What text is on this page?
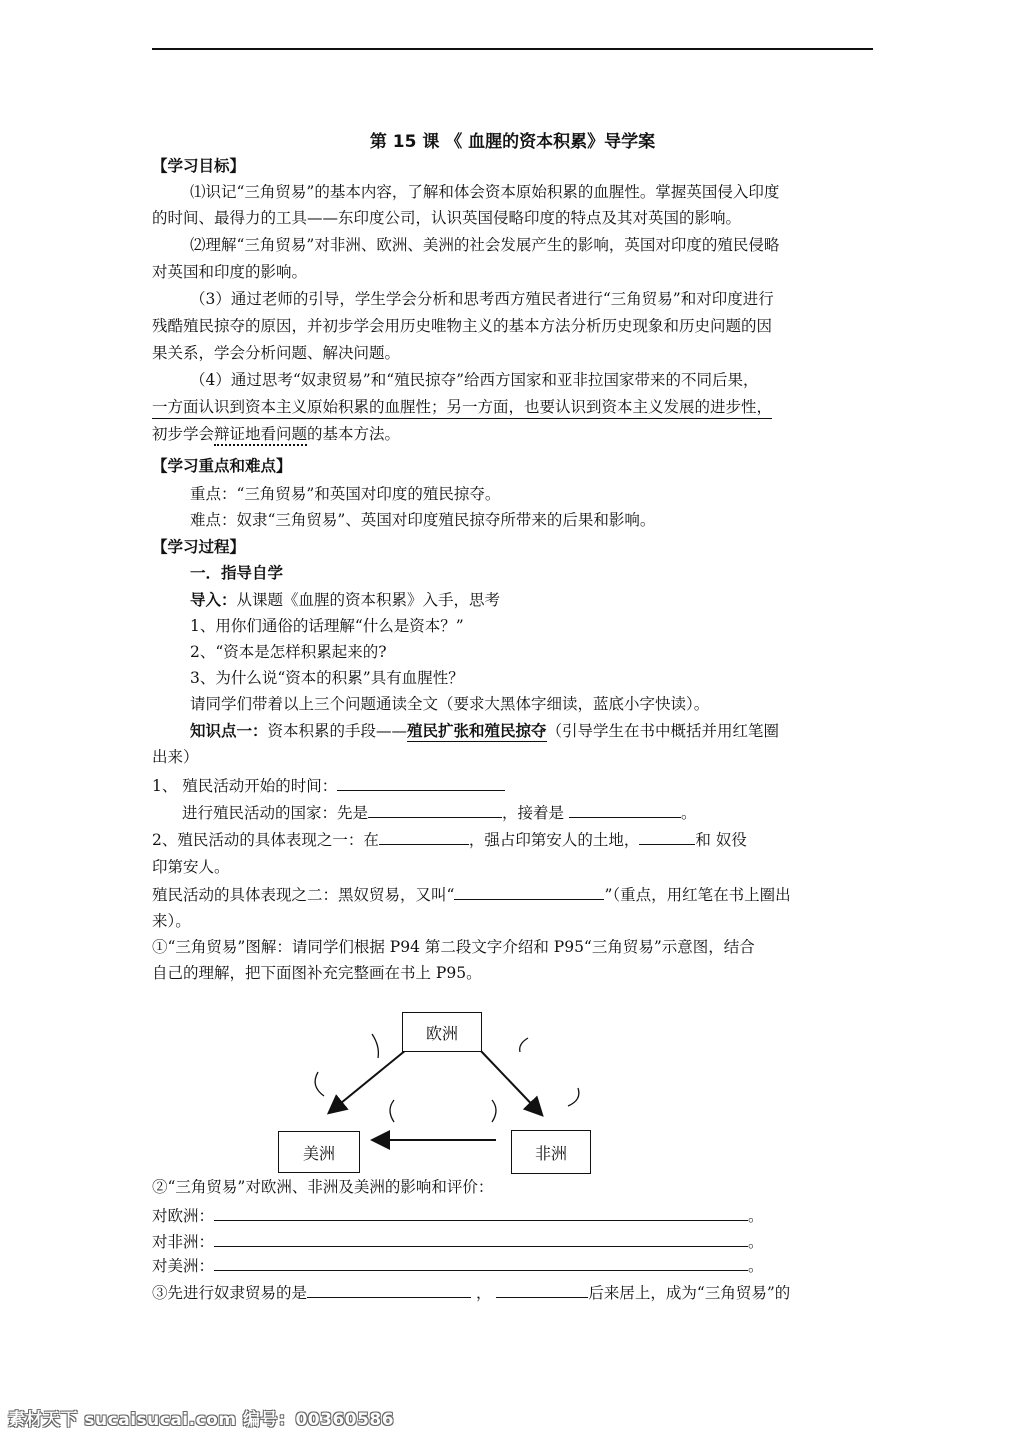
第 15 课 《 血腥的资本积累》导学案
【学习目标】
⑴识记“三角贸易”的基本内容，了解和体会资本原始积累的血腥性。掌握英国侵入印度
的时间、最得力的工具——东印度公司，认识英国侵略印度的特点及其对英国的影响。
⑵理解“三角贸易”对非洲、欧洲、美洲的社会发展产生的影响，英国对印度的殖民侵略
对英国和印度的影响。
（3）通过老师的引导，学生学会分析和思考西方殖民者进行“三角贸易”和对印度进行
残酷殖民掠夺的原因，并初步学会用历史唯物主义的基本方法分析历史现象和历史问题的因
果关系，学会分析问题、解决问题。
（4）通过思考“奴隶贸易”和“殖民掠夺”给西方国家和亚非拉国家带来的不同后果，
一方面认识到资本主义原始积累的血腥性；另一方面，也要认识到资本主义发展的进步性，
初步学会辩证地看问题的基本方法。
【学习重点和难点】
重点：“三角贸易”和英国对印度的殖民掠夺。
难点：奴隶“三角贸易”、英国对印度殖民掠夺所带来的后果和影响。
【学习过程】
一．指导自学
导入：从课题《血腥的资本积累》入手，思考
1、用你们通俗的话理解“什么是资本？”
2、“资本是怎样积累起来的?
3、为什么说“资本的积累”具有血腥性？
请同学们带着以上三个问题通读全文（要求大黑体字细读，蓝底小字快读）。
知识点一：资本积累的手段——殖民扩张和殖民掠夺（引导学生在书中概括并用红笔圈
出来）
1、 殖民活动开始的时间：
进行殖民活动的国家：先是	，接着是	。
2、殖民活动的具体表现之一：在	，强占印第安人的土地，	和 奴役
印第安人。
殖民活动的具体表现之二：黑奴贸易，又叫“	”（重点，用红笔在书上圈出
来）。
①“三角贸易”图解：请同学们根据 P94 第二段文字介绍和 P95“三角贸易”示意图，结合
自己的理解，把下面图补充完整画在书上 P95。
欧洲
美洲	非洲
②“三角贸易”对欧洲、非洲及美洲的影响和评价：
对欧洲：	。
对非洲：	。
对美洲：	。
③先进行奴隶贸易的是	，	后来居上，成为“三角贸易”的
素材天下 sucaisucai.com 编号：00360586
